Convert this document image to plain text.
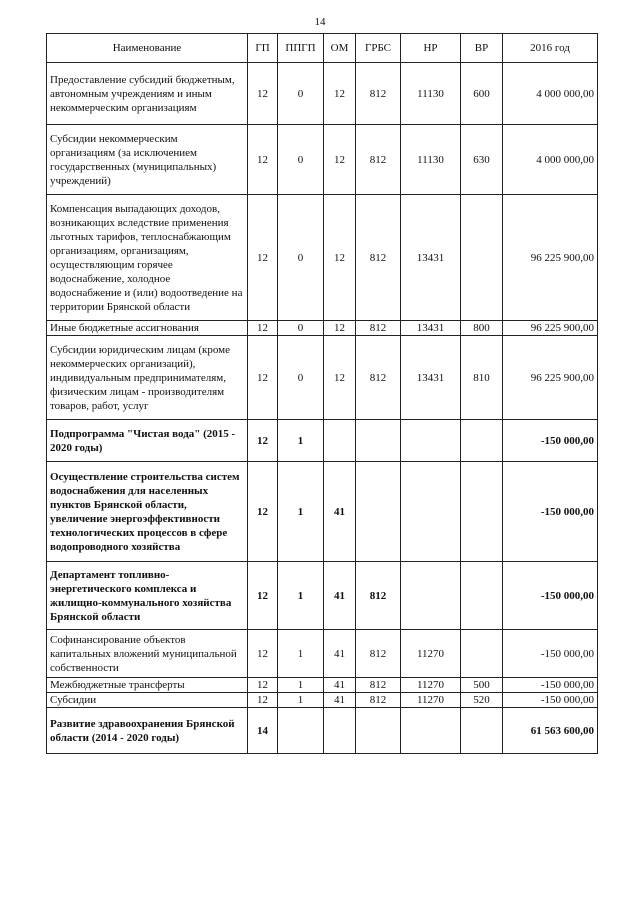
14
Наименование	ГП	ППГП	ОМ	ГРБС	НР	ВР	2016 год
Предоставление субсидий бюджетным, автономным учреждениям и иным некоммерческим организациям	12	0	12	812	11130	600	4 000 000,00
Субсидии некоммерческим организациям (за исключением государственных (муниципальных) учреждений)	12	0	12	812	11130	630	4 000 000,00
Компенсация выпадающих доходов, возникающих вследствие применения льготных тарифов, теплоснабжающим организациям, организациям, осуществляющим горячее водоснабжение, холодное водоснабжение и (или) водоотведение на территории Брянской области	12	0	12	812	13431		96 225 900,00
Иные бюджетные ассигнования	12	0	12	812	13431	800	96 225 900,00
Субсидии юридическим лицам (кроме некоммерческих организаций), индивидуальным предпринимателям, физическим лицам - производителям товаров, работ, услуг	12	0	12	812	13431	810	96 225 900,00
Подпрограмма "Чистая вода" (2015 - 2020 годы)	12	1					-150 000,00
Осуществление строительства систем водоснабжения для населенных пунктов Брянской области, увеличение энергоэффективности технологических процессов в сфере водопроводного хозяйства	12	1	41				-150 000,00
Департамент топливно-энергетического комплекса и жилищно-коммунального хозяйства Брянской области	12	1	41	812			-150 000,00
Софинансирование объектов капитальных вложений муниципальной собственности	12	1	41	812	11270		-150 000,00
Межбюджетные трансферты	12	1	41	812	11270	500	-150 000,00
Субсидии	12	1	41	812	11270	520	-150 000,00
Развитие здравоохранения Брянской области (2014 - 2020 годы)	14						61 563 600,00
